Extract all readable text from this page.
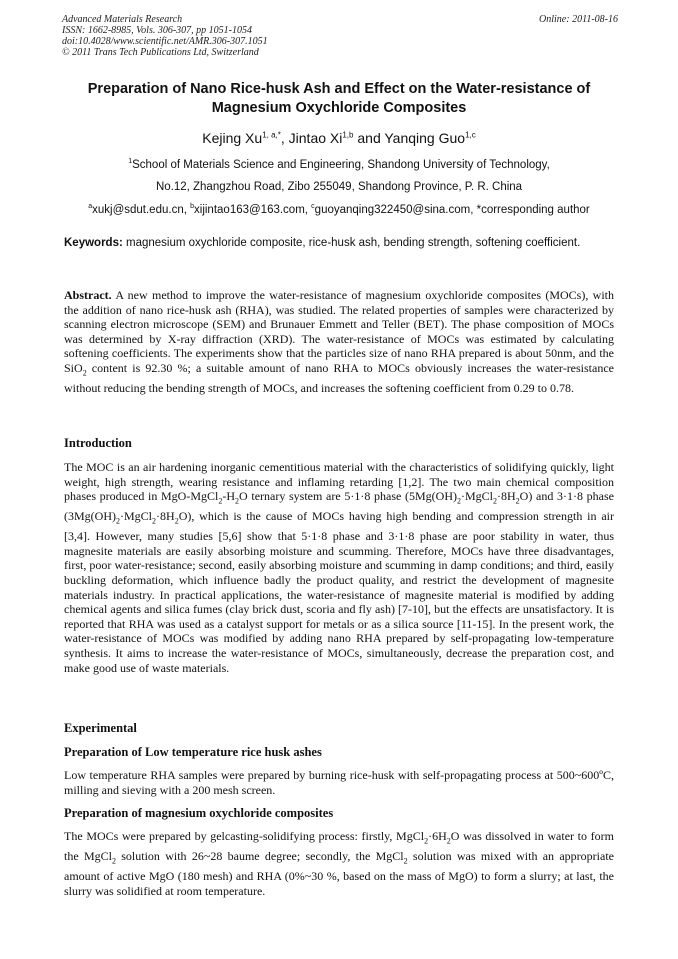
Advanced Materials Research
ISSN: 1662-8985, Vols. 306-307, pp 1051-1054
doi:10.4028/www.scientific.net/AMR.306-307.1051
© 2011 Trans Tech Publications Ltd, Switzerland
Online: 2011-08-16
Preparation of Nano Rice-husk Ash and Effect on the Water-resistance of Magnesium Oxychloride Composites
Kejing $Xu^{1, a,*}$, Jintao Xi$^{1,b}$ and Yanqing Guo$^{1,c}$
$^1$School of Materials Science and Engineering, Shandong University of Technology,
No.12, Zhangzhou Road, Zibo 255049, Shandong Province, P. R. China
$^a$xukj@sdut.edu.cn, $^b$xijintao163@163.com, $^c$guoyanqing322450@sina.com, *corresponding author
Keywords: magnesium oxychloride composite, rice-husk ash, bending strength, softening coefficient.
Abstract. A new method to improve the water-resistance of magnesium oxychloride composites (MOCs), with the addition of nano rice-husk ash (RHA), was studied. The related properties of samples were characterized by scanning electron microscope (SEM) and Brunauer Emmett and Teller (BET). The phase composition of MOCs was determined by X-ray diffraction (XRD). The water-resistance of MOCs was estimated by calculating softening coefficients. The experiments show that the particles size of nano RHA prepared is about 50nm, and the SiO$_2$ content is 92.30 %; a suitable amount of nano RHA to MOCs obviously increases the water-resistance without reducing the bending strength of MOCs, and increases the softening coefficient from 0.29 to 0.78.
Introduction
The MOC is an air hardening inorganic cementitious material with the characteristics of solidifying quickly, light weight, high strength, wearing resistance and inflaming retarding [1,2]. The two main chemical composition phases produced in MgO-$MgCl_2-H_2O$ ternary system are 5·1·8 phase $(5Mg(OH)_2\cdot MgCl_2\cdot 8H_2O)$ and 3·1·8 phase $(3Mg(OH)_2\cdot MgCl_2\cdot 8H_2O)$, which is the cause of MOCs having high bending and compression strength in air [3,4]. However, many studies [5,6] show that 5·1·8 phase and 3·1·8 phase are poor stability in water, thus magnesite materials are easily absorbing moisture and scumming. Therefore, MOCs have three disadvantages, first, poor water-resistance; second, easily absorbing moisture and scumming in damp conditions; and third, easily buckling deformation, which influence badly the product quality, and restrict the development of magnesite materials industry. In practical applications, the water-resistance of magnesite material is modified by adding chemical agents and silica fumes (clay brick dust, scoria and fly ash) [7-10], but the effects are unsatisfactory. It is reported that RHA was used as a catalyst support for metals or as a silica source [11-15]. In the present work, the water-resistance of MOCs was modified by adding nano RHA prepared by self-propagating low-temperature synthesis. It aims to increase the water-resistance of MOCs, simultaneously, decrease the preparation cost, and make good use of waste materials.
Experimental
Preparation of Low temperature rice husk ashes
Low temperature RHA samples were prepared by burning rice-husk with self-propagating process at 500~600ºC, milling and sieving with a 200 mesh screen.
Preparation of magnesium oxychloride composites
The MOCs were prepared by gelcasting-solidifying process: firstly, $MgCl_2\cdot 6H_2O$ was dissolved in water to form the MgCl$_2$ solution with 26~28 baume degree; secondly, the MgCl$_2$ solution was mixed with an appropriate amount of active MgO (180 mesh) and RHA (0%~30 %, based on the mass of MgO) to form a slurry; at last, the slurry was solidified at room temperature.
